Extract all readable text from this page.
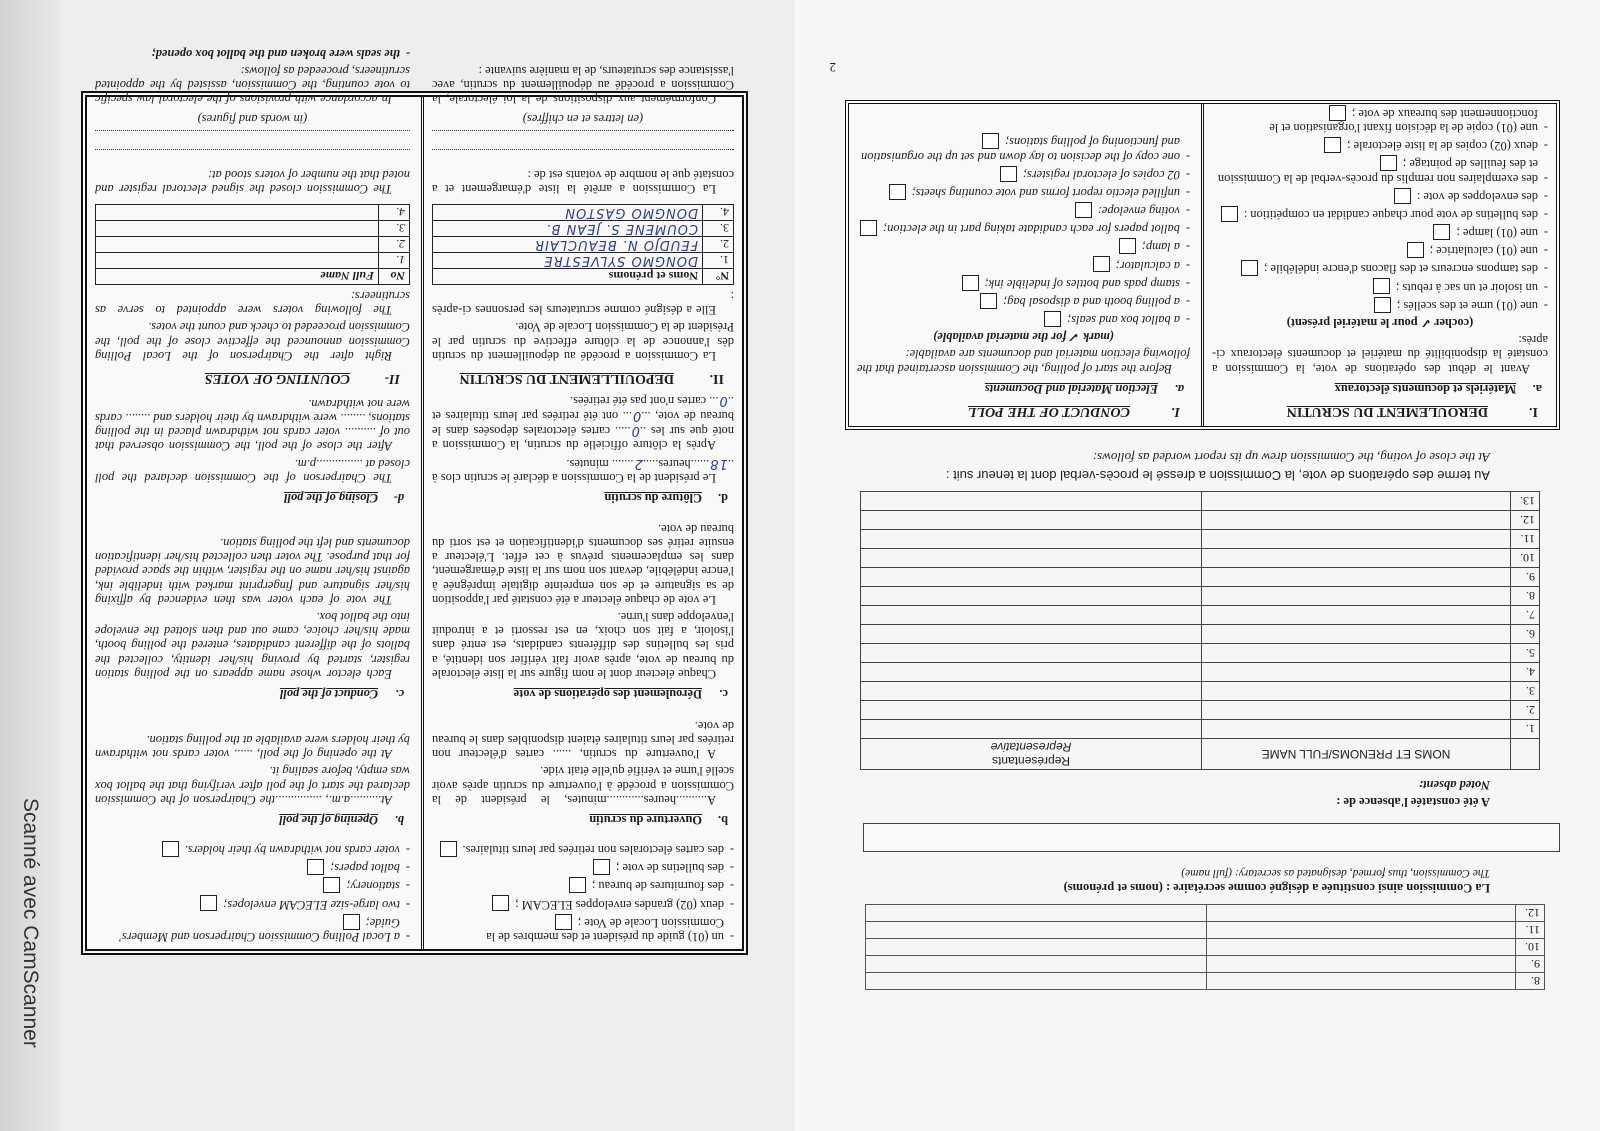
8.		
9.		
10.		
11.		
12.		
La Commission ainsi constituée a désigné comme secrétaire : (noms et prénoms)
The Commission, thus formed, designated as secretary: (full name)
A été constatée l'absence de :
Noted absent:
	NOMS ET PRENOMS/FULL NAME	Représentants
Representative

1.		
2.		
3.		
4.		
5.		
6.		
7.		
8.		
9.		
10.		
11.		
12.		
13.		
Au terme des opérations de vote, la Commission a dressé le procès-verbal dont la teneur suit :
At the close of voting, the Commission drew up its report worded as follows:
I.DEROULEMENT DU SCRUTIN
a.Matériels et documents électoraux
Avant le début des opérations de vote, la Commission a constaté la disponibilité du matériel et documents électoraux ci-après:
(cocher ✓ pour le matériel présent)
- une (01) urne et des scellés ;
- un isoloir et un sac à rebuts ;
- des tampons encreurs et des flacons d'encre indélébile ;
- une (01) calculatrice ;
- une (01) lampe ;
- des bulletins de vote pour chaque candidat en compétition :
- des enveloppes de vote :
- des exemplaires non remplis du procès-verbal de la Commission et des feuilles de pointage ;
- deux (02) copies de la liste électorale ;
- une (01) copie de la décision fixant l'organisation et le fonctionnement des bureaux de vote ;
I.CONDUCT OF THE POLL
a.Election Material and Documents
Before the start of polling, the Commission ascertained that the following election material and documents are available:
(mark ✓ for the material available)
- a ballot box and seals;
- a polling booth and a disposal bag;
- stamp pads and bottles of indelible ink;
- a calculator;
- a lamp;
- ballot papers for each candidate taking part in the election;
- voting envelope:
- unfilled electio report forms and vote counting sheets;
- 02 copies of electoral registers;
- one copy of the decision to lay down and set up the organisation and functioning of polling stations;
2
- un (01) guide du président et des membres de la Commission Locale de Vote ;
- deux (02) grandes enveloppes ELECAM ;
- des fournitures de bureau ;
- des bulletins de vote ;
- des cartes électorales non retirées par leurs titulaires.
b.Ouverture du scrutin
A..........heures............minutes, le président de la Commission a procédé à l'ouverture du scrutin après avoir scellé l'urne et vérifié qu'elle était vide.
A l'ouverture du scrutin, ...... cartes d'électeur non retirées par leurs titulaires étaient disponibles dans le bureau de vote.
c.Déroulement des opérations de vote
Chaque électeur dont le nom figure sur la liste électorale du bureau de vote, après avoir fait vérifier son identité, a pris les bulletins des différents candidats, est entré dans l'isoloir, a fait son choix, en est ressorti et a introduit l'enveloppe dans l'urne.
Le vote de chaque électeur a été constaté par l'apposition de sa signature et de son empreinte digitale imprégnée à l'encre indélébile, devant son nom sur la liste d'émargement, dans les emplacements prévus à cet effet. L'électeur a ensuite retiré ses documents d'identification et est sorti du bureau de vote.
d.Clôture du scrutin
Le président de la Commission a déclaré le scrutin clos à ..18......heures.....2....... minutes.
Après la clôture officielle du scrutin, la Commission a noté que sur les ..0..... cartes électorales déposées dans le bureau de vote, ...0... ont été retirées par leurs titulaires et ..0... cartes n'ont pas été retirées.
II.DEPOUILLEMENT DU SCRUTIN
La Commission a procédé au dépouillement du scrutin dès l'annonce de la clôture effective du scrutin par le Président de la Commission Locale de Vote.
Elle a désigné comme scrutateurs les personnes ci-après :
N°	Noms et prénoms
1.	DONGMO SYLVESTRE
2.	FEUDJO N. BEAUCLAIR
3.	COUMENE S. JEAN B.
4.	DONGMO GASTON
La Commission a arrêté la liste d'émargement et a constaté que le nombre de votants est de :
(en lettres et en chiffres)
Conformément aux dispositions de la loi électorale, la Commission a procédé au dépouillement du scrutin, avec l'assistance des scrutateurs, de la manière suivante :
- a Local Polling Commission Chairperson and Members' Guide;
- two large-size ELECAM envelopes;
- stationery;
- ballot papers;
- voter cards not withdrawn by their holders.
b.Opening of the poll
At..........a.m., ...............the Chairperson of the Commission declared the start of the poll after verifying that the ballot box was empty, before sealing it.
At the opening of the poll, ...... voter cards not withdrawn by their holders were available at the polling station.
c.Conduct of the poll
Each elector whose name appears on the polling station register, started by proving his/her identity, collected the ballots of the different candidates, entered the polling booth, made his/her choice, came out and then slotted the envelope into the ballot box.
The vote of each voter was then evidenced by affixing his/her signature and fingerprint marked with indelible ink, against his/her name on the register, within the space provided for that purpose. The voter then collected his/her identification documents and left the polling station.
d-Closing of the poll
The Chairperson of the Commission declared the poll closed at ...............p.m.
After the close of the poll, the Commission observed that out of .......... voter cards not withdrawn placed in the polling stations, ........ were withdrawn by their holders and ........ cards were not withdrawn.
II-COUNTING OF VOTES
Right after the Chairperson of the Local Polling Commission announced the effective close of the poll, the Commission proceeded to check and count the votes.
The following voters were appointed to serve as scrutineers:
No	Full Name
1.	
2.	
3.	
4.	
The Commission closed the signed electoral register and noted that the number of voters stood at:
(in words and figures)
In accordance with provisions of the electoral law specific to vote counting, the Commission, assisted by the appointed scrutineers, proceeded as follows:
- the seals were broken and the ballot box opened;
Scanné avec CamScanner
